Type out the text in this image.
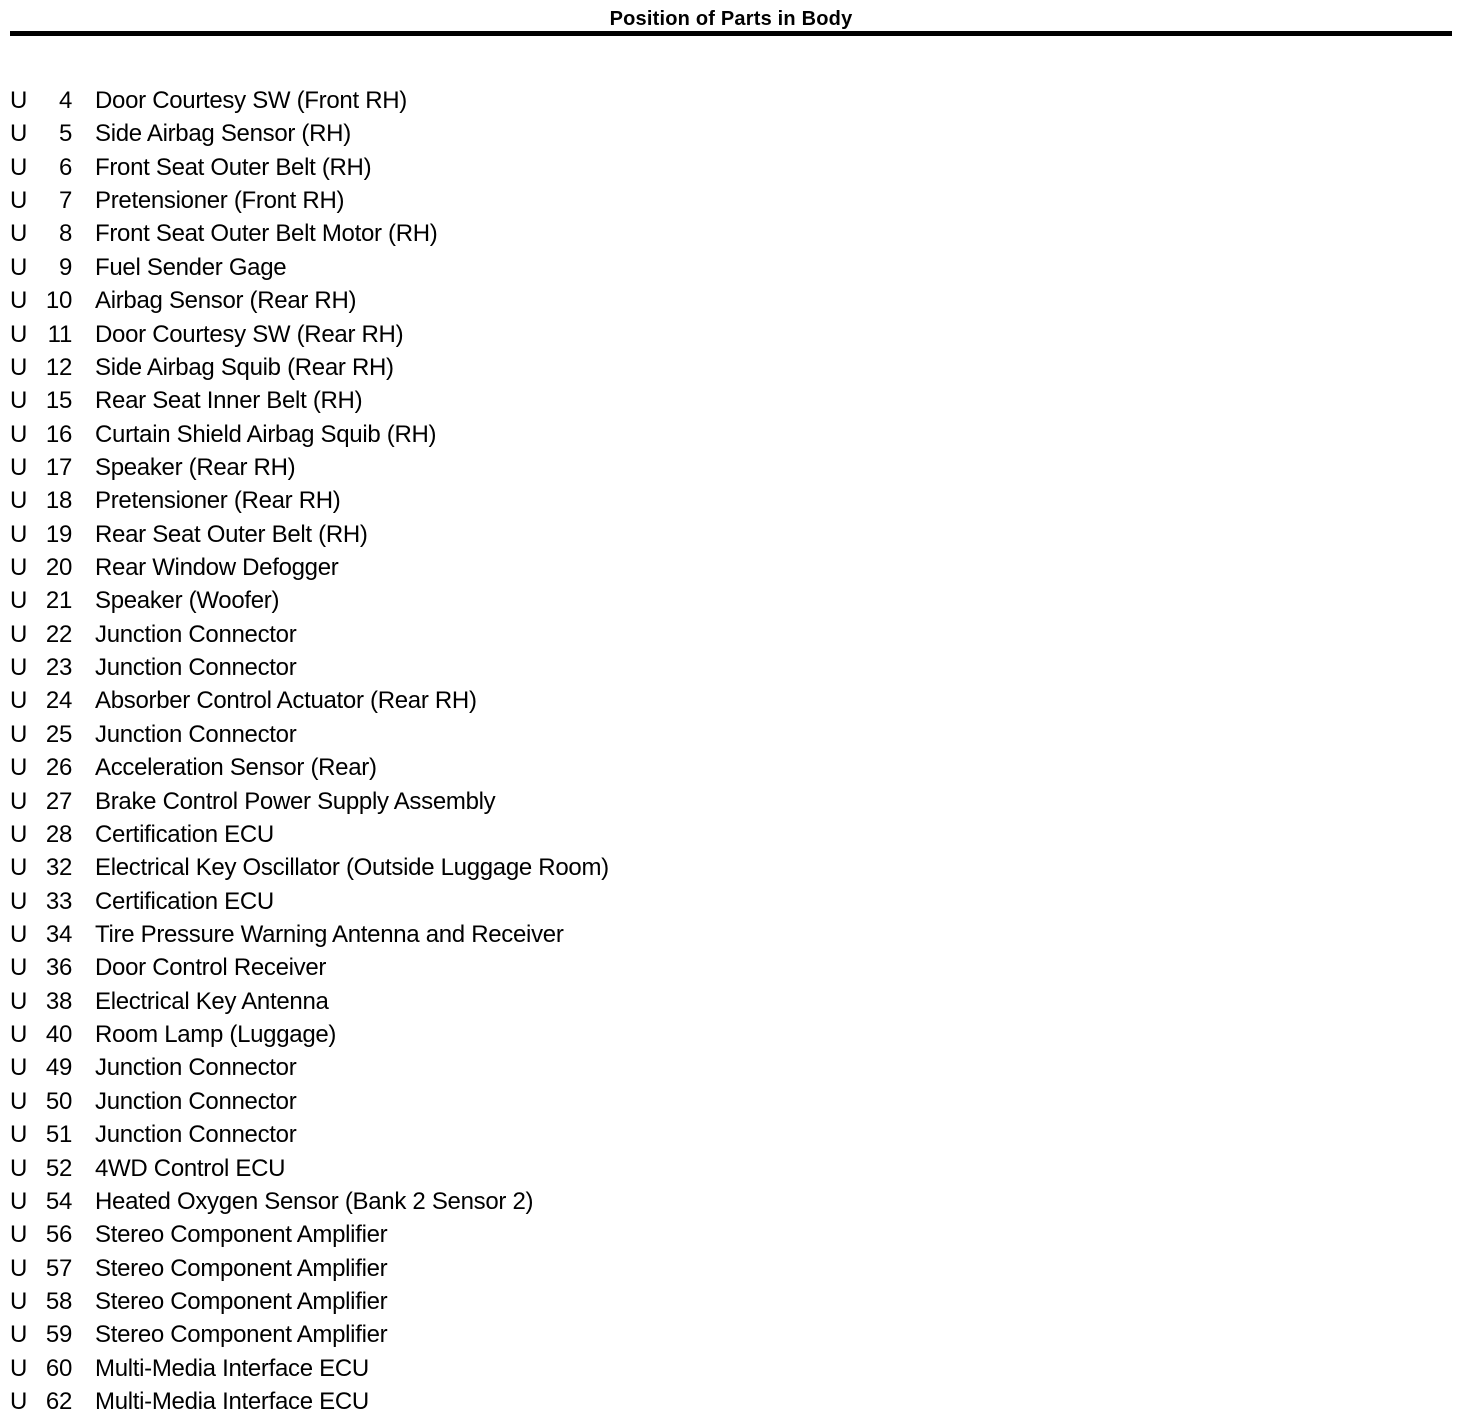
Position of Parts in Body
U	4 Door Courtesy SW (Front RH)
U	5 Side Airbag Sensor (RH)
U	6 Front Seat Outer Belt (RH)
U	7 Pretensioner (Front RH)
U	8 Front Seat Outer Belt Motor (RH)
U	9 Fuel Sender Gage
U 10 Airbag Sensor (Rear RH)
U 11 Door Courtesy SW (Rear RH)
U 12 Side Airbag Squib (Rear RH)
U 15 Rear Seat Inner Belt (RH)
U 16 Curtain Shield Airbag Squib (RH)
U 17 Speaker (Rear RH)
U 18 Pretensioner (Rear RH)
U 19 Rear Seat Outer Belt (RH)
U 20 Rear Window Defogger
U 21 Speaker (Woofer)
U 22 Junction Connector
U 23 Junction Connector
U 24 Absorber Control Actuator (Rear RH)
U 25 Junction Connector
U 26 Acceleration Sensor (Rear)
U 27 Brake Control Power Supply Assembly
U 28 Certification ECU
U 32 Electrical Key Oscillator (Outside Luggage Room)
U 33 Certification ECU
U 34 Tire Pressure Warning Antenna and Receiver
U 36 Door Control Receiver
U 38 Electrical Key Antenna
U 40 Room Lamp (Luggage)
U 49 Junction Connector
U 50 Junction Connector
U 51 Junction Connector
U 52 4WD Control ECU
U 54 Heated Oxygen Sensor (Bank 2 Sensor 2)
U 56 Stereo Component Amplifier
U 57 Stereo Component Amplifier
U 58 Stereo Component Amplifier
U 59 Stereo Component Amplifier
U 60 Multi-Media Interface ECU
U 62 Multi-Media Interface ECU
